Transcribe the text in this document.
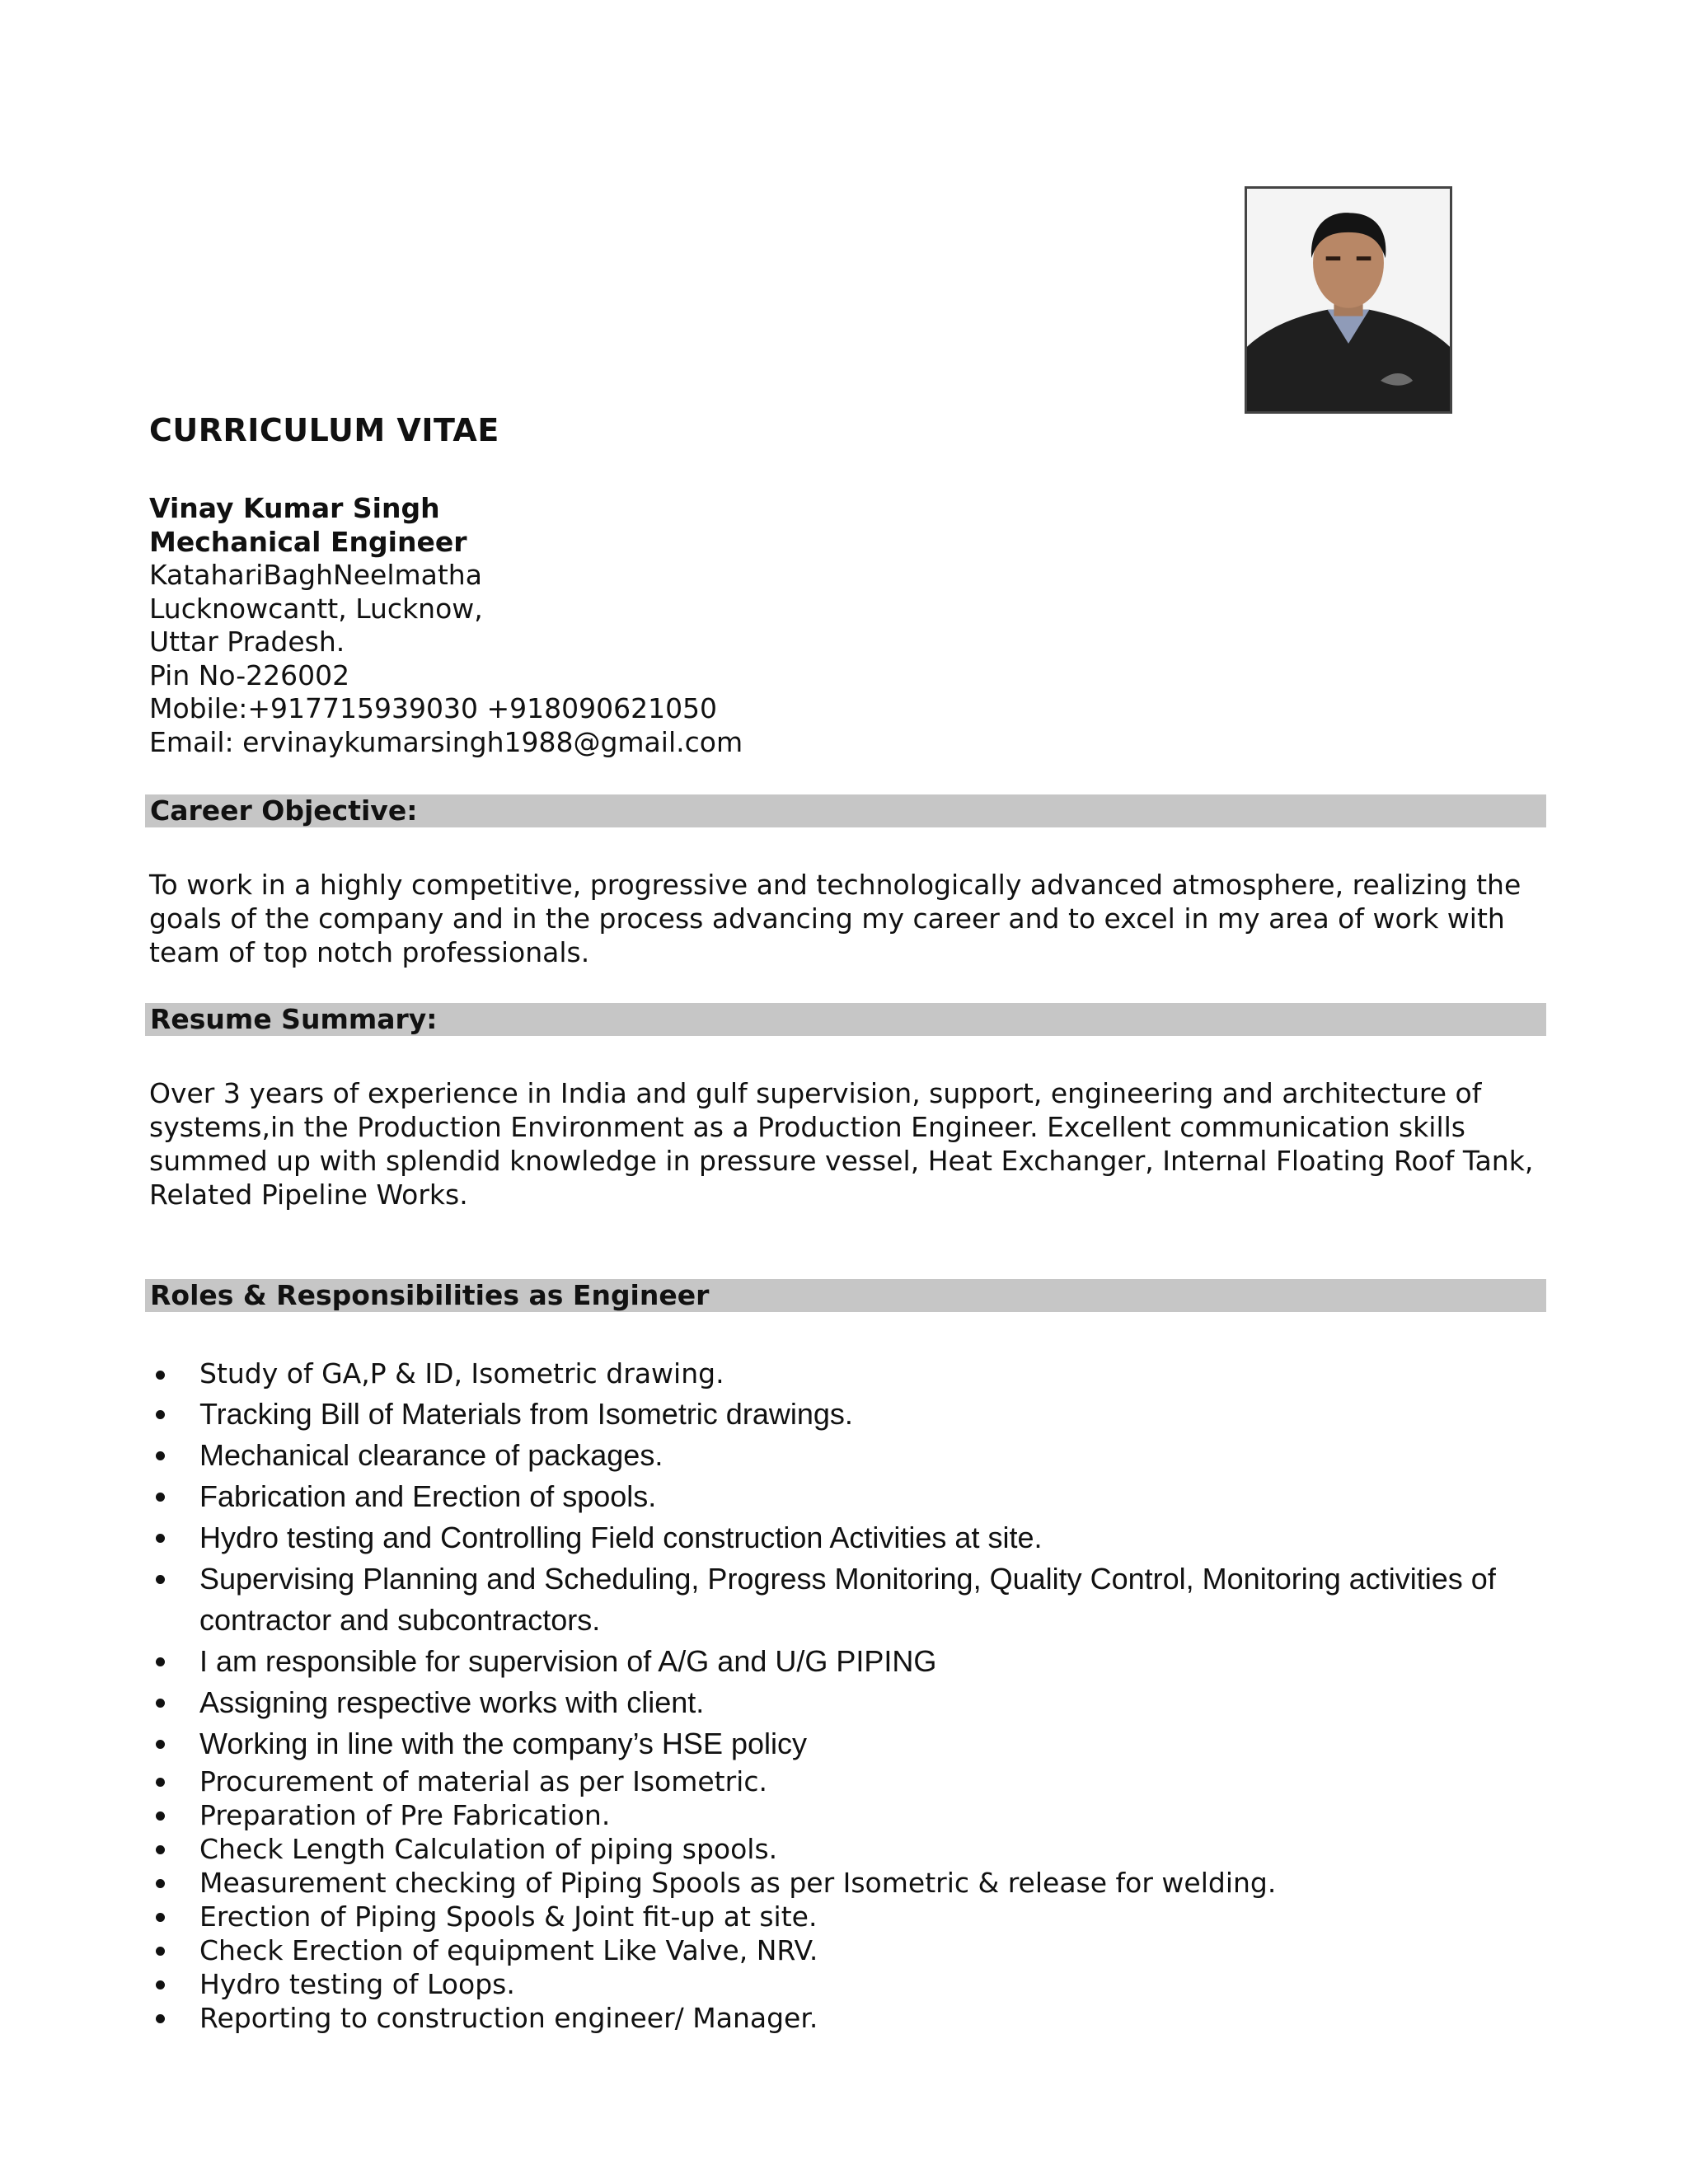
CURRICULUM VITAE
Vinay Kumar Singh
Mechanical Engineer
KatahariBaghNeelmatha
Lucknowcantt, Lucknow,
Uttar Pradesh.
Pin No-226002
Mobile:+917715939030 +918090621050
Email: ervinaykumarsingh1988@gmail.com
Career Objective:

To work in a highly competitive, progressive and technologically advanced atmosphere, realizing the goals of the company and in the process advancing my career and to excel in my area of work with team of top notch professionals.

Resume Summary:

Over 3 years of experience in India and gulf supervision, support, engineering and architecture of systems,in the Production Environment as a Production Engineer. Excellent communication skills summed up with splendid knowledge in pressure vessel, Heat Exchanger, Internal Floating Roof Tank, Related Pipeline Works.

Roles & Responsibilities as Engineer
Study of GA,P & ID, Isometric drawing.
Tracking Bill of Materials from Isometric drawings.
Mechanical clearance of packages.
Fabrication and Erection of spools.
Hydro testing and Controlling Field construction Activities at site.
Supervising Planning and Scheduling, Progress Monitoring, Quality Control, Monitoring activities of contractor and subcontractors.
I am responsible for supervision of A/G and U/G PIPING
Assigning respective works with client.
Working in line with the company’s HSE policy
Procurement of material as per Isometric.
Preparation of Pre Fabrication.
Check Length Calculation of piping spools.
Measurement checking of Piping Spools as per Isometric & release for welding.
Erection of Piping Spools & Joint fit-up at site.
Check Erection of equipment Like Valve, NRV.
Hydro testing of Loops.
Reporting to construction engineer/ Manager.
